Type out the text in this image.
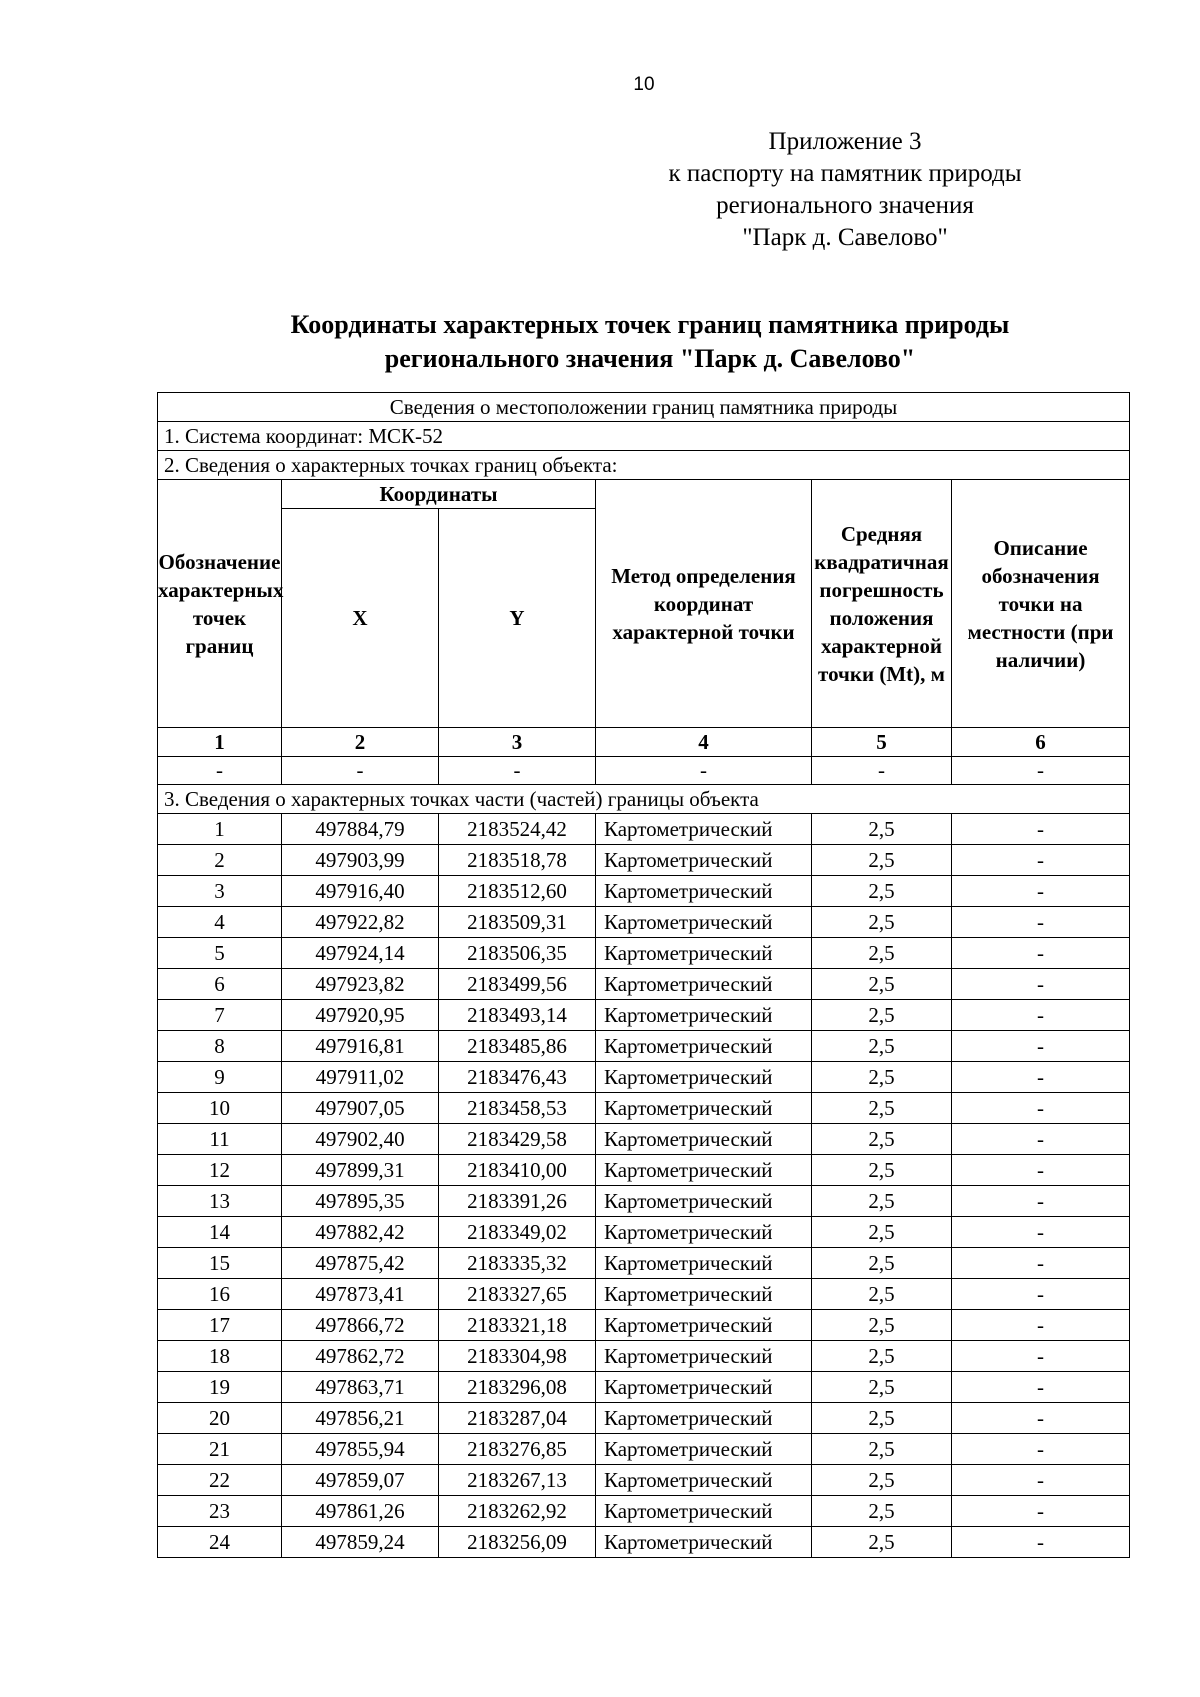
10
Приложение 3
к паспорту на памятник природы
регионального значения
"Парк д. Савелово"
Координаты характерных точек границ памятника природы
регионального значения "Парк д. Савелово"
Сведения о местоположении границ памятника природы					
1. Система координат: МСК-52					
2. Сведения о характерных точках границ объекта:					
Обозначение характерных точек границ	Координаты		Метод определения координат характерной точки	Средняя квадратичная погрешность положения характерной точки (Mt), м	Описание обозначения точки на местности (при наличии)
	X	Y			
1	2	3	4	5	6
-	-	-	-	-	-
3. Сведения о характерных точках части (частей) границы объекта					
1	497884,79	2183524,42	Картометрический	2,5	-
2	497903,99	2183518,78	Картометрический	2,5	-
3	497916,40	2183512,60	Картометрический	2,5	-
4	497922,82	2183509,31	Картометрический	2,5	-
5	497924,14	2183506,35	Картометрический	2,5	-
6	497923,82	2183499,56	Картометрический	2,5	-
7	497920,95	2183493,14	Картометрический	2,5	-
8	497916,81	2183485,86	Картометрический	2,5	-
9	497911,02	2183476,43	Картометрический	2,5	-
10	497907,05	2183458,53	Картометрический	2,5	-
11	497902,40	2183429,58	Картометрический	2,5	-
12	497899,31	2183410,00	Картометрический	2,5	-
13	497895,35	2183391,26	Картометрический	2,5	-
14	497882,42	2183349,02	Картометрический	2,5	-
15	497875,42	2183335,32	Картометрический	2,5	-
16	497873,41	2183327,65	Картометрический	2,5	-
17	497866,72	2183321,18	Картометрический	2,5	-
18	497862,72	2183304,98	Картометрический	2,5	-
19	497863,71	2183296,08	Картометрический	2,5	-
20	497856,21	2183287,04	Картометрический	2,5	-
21	497855,94	2183276,85	Картометрический	2,5	-
22	497859,07	2183267,13	Картометрический	2,5	-
23	497861,26	2183262,92	Картометрический	2,5	-
24	497859,24	2183256,09	Картометрический	2,5	-
